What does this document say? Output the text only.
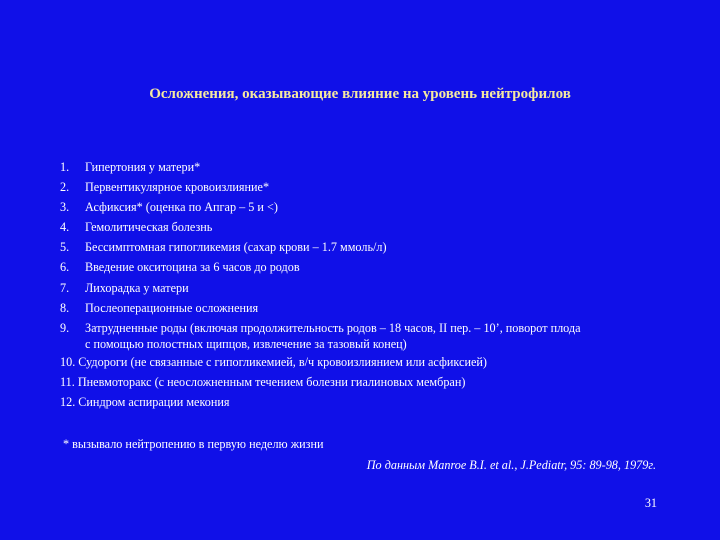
Осложнения, оказывающие влияние на уровень нейтрофилов
1. Гипертония у матери*
2. Первентикулярное кровоизлияние*
3. Асфиксия* (оценка по Апгар – 5 и <)
4. Гемолитическая болезнь
5. Бессимптомная гипогликемия (сахар крови – 1.7 ммоль/л)
6. Введение окситоцина за 6 часов до родов
7. Лихорадка у матери
8. Послеоперационные осложнения
9. Затрудненные роды (включая продолжительность родов – 18 часов, II пер. – 10’, поворот плода
с помощью полостных щипцов, извлечение за тазовый конец)
10. Судороги (не связанные с гипогликемией, в/ч кровоизлиянием или асфиксией)
11. Пневмоторакс (с неосложненным течением болезни гиалиновых мембран)
12. Синдром аспирации мекония
* вызывало нейтропению в первую неделю жизни
По данным Manroe B.I. et al., J.Pediatr, 95: 89-98, 1979г.
31
